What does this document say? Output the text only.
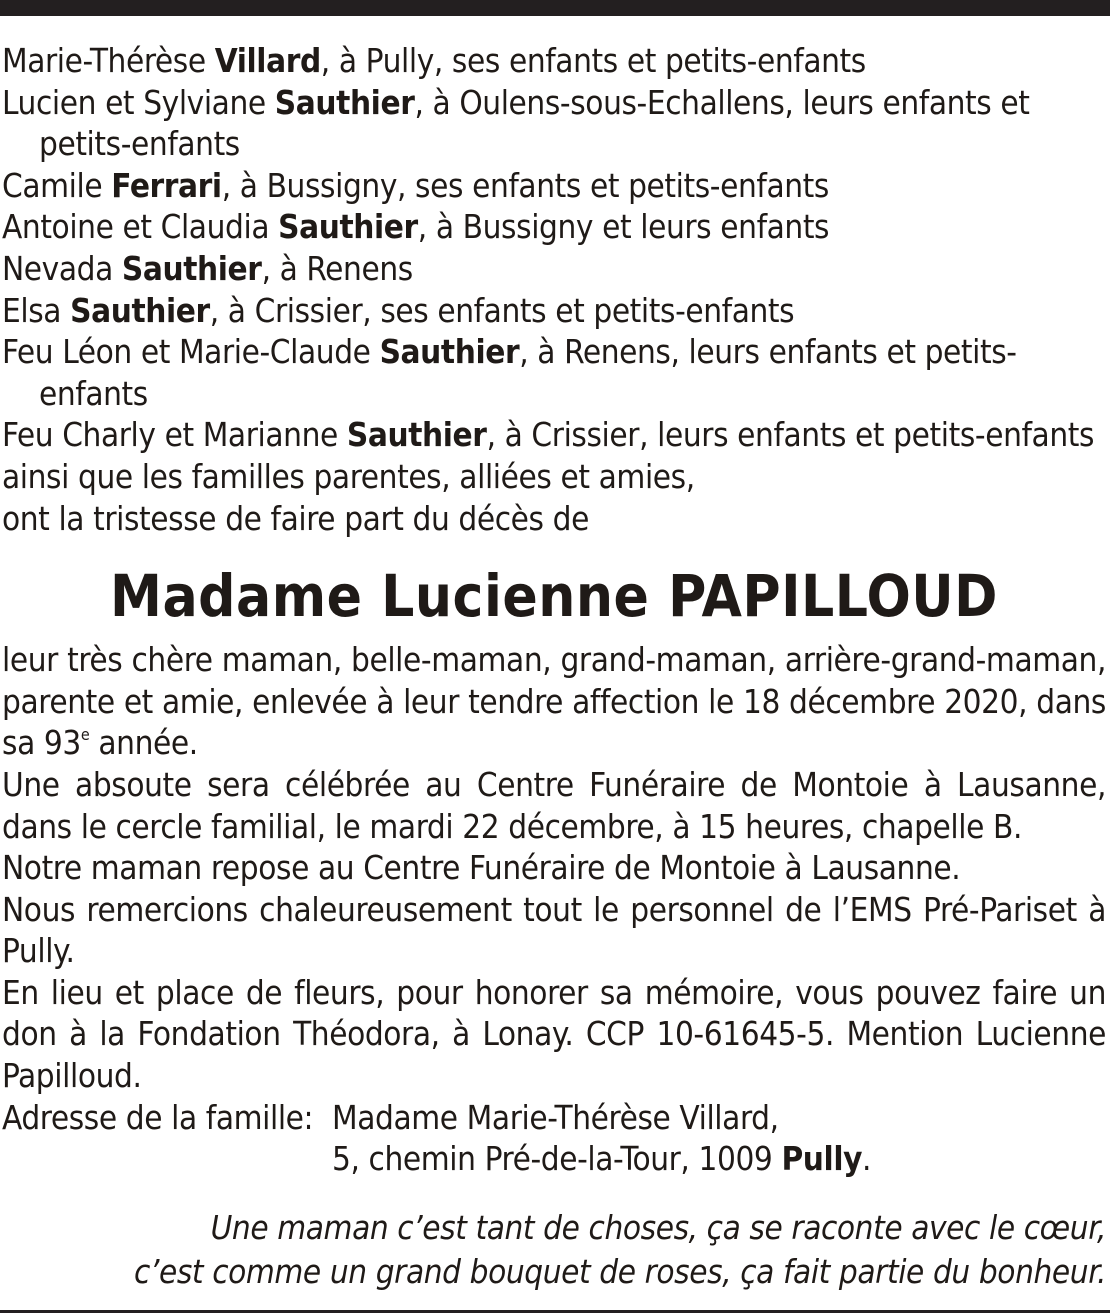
Marie-Thérèse Villard, à Pully, ses enfants et petits-enfants
Lucien et Sylviane Sauthier, à Oulens-sous-Echallens, leurs enfants et petits-enfants
Camile Ferrari, à Bussigny, ses enfants et petits-enfants
Antoine et Claudia Sauthier, à Bussigny et leurs enfants
Nevada Sauthier, à Renens
Elsa Sauthier, à Crissier, ses enfants et petits-enfants
Feu Léon et Marie-Claude Sauthier, à Renens, leurs enfants et petits-enfants
Feu Charly et Marianne Sauthier, à Crissier, leurs enfants et petits-enfants
ainsi que les familles parentes, alliées et amies,
ont la tristesse de faire part du décès de
Madame Lucienne PAPILLOUD

leur très chère maman, belle-maman, grand-maman, arrière-grand-maman, parente et amie, enlevée à leur tendre affection le 18 décembre 2020, dans sa 93e année.

Une absoute sera célébrée au Centre Funéraire de Montoie à Lausanne, dans le cercle familial, le mardi 22 décembre, à 15 heures, chapelle B.

Notre maman repose au Centre Funéraire de Montoie à Lausanne.

Nous remercions chaleureusement tout le personnel de l’EMS Pré-Pariset à Pully.

En lieu et place de fleurs, pour honorer sa mémoire, vous pouvez faire un don à la Fondation Théodora, à Lonay. CCP 10-61645-5. Mention Lucienne Papilloud.

Adresse de la famille: Madame Marie-Thérèse Villard,
5, chemin Pré-de-la-Tour, 1009 Pully.
Une maman c’est tant de choses, ça se raconte avec le cœur,
c’est comme un grand bouquet de roses, ça fait partie du bonheur.
